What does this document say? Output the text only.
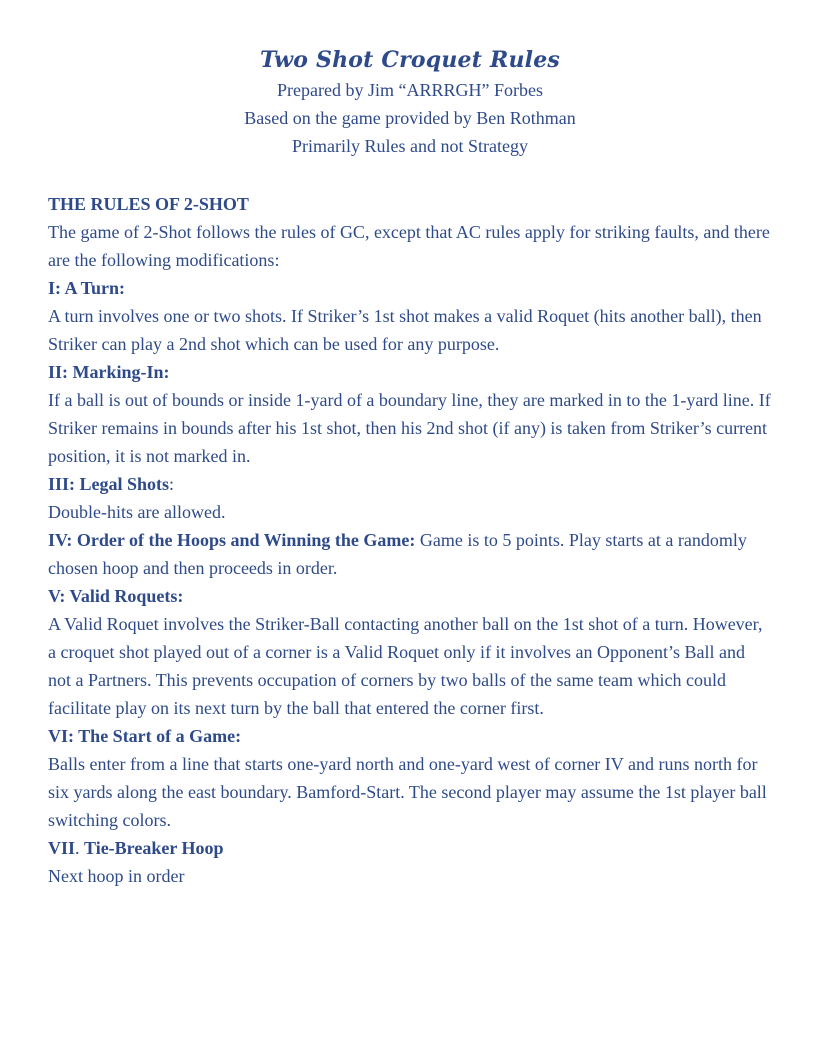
Two Shot Croquet Rules
Prepared by Jim “ARRRGH” Forbes
Based on the game provided by Ben Rothman
Primarily Rules and not Strategy
THE RULES OF 2-SHOT
The game of 2-Shot follows the rules of GC, except that AC rules apply for striking faults, and there are the following modifications:
I: A Turn:
A turn involves one or two shots. If Striker’s 1st shot makes a valid Roquet (hits another ball), then Striker can play a 2nd shot which can be used for any purpose.
II: Marking-In:
If a ball is out of bounds or inside 1-yard of a boundary line, they are marked in to the 1-yard line. If Striker remains in bounds after his 1st shot, then his 2nd shot (if any) is taken from Striker’s current position, it is not marked in.
III: Legal Shots:
Double-hits are allowed.
IV: Order of the Hoops and Winning the Game: Game is to 5 points. Play starts at a randomly chosen hoop and then proceeds in order.
V: Valid Roquets:
A Valid Roquet involves the Striker-Ball contacting another ball on the 1st shot of a turn. However, a croquet shot played out of a corner is a Valid Roquet only if it involves an Opponent’s Ball and not a Partners. This prevents occupation of corners by two balls of the same team which could facilitate play on its next turn by the ball that entered the corner first.
VI: The Start of a Game:
Balls enter from a line that starts one-yard north and one-yard west of corner IV and runs north for six yards along the east boundary. Bamford-Start. The second player may assume the 1st player ball switching colors.
VII. Tie-Breaker Hoop
Next hoop in order
